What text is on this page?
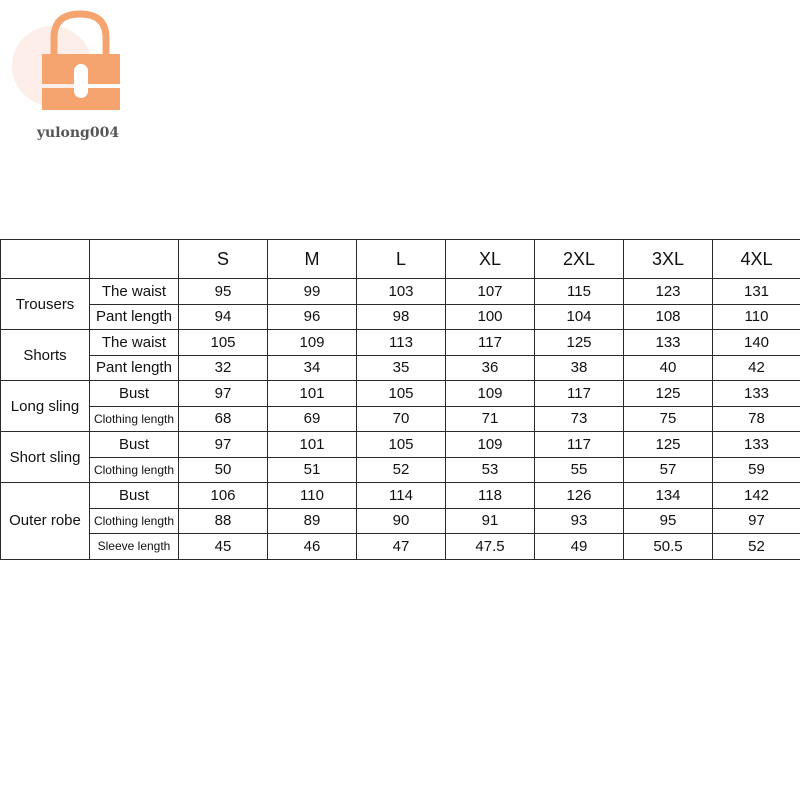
yulong004
		S	M	L	XL	2XL	3XL	4XL
Trousers	The waist	95	99	103	107	115	123	131
	Pant length	94	96	98	100	104	108	110
Shorts	The waist	105	109	113	117	125	133	140
	Pant length	32	34	35	36	38	40	42
Long sling	Bust	97	101	105	109	117	125	133
	Clothing length	68	69	70	71	73	75	78
Short sling	Bust	97	101	105	109	117	125	133
	Clothing length	50	51	52	53	55	57	59
Outer robe	Bust	106	110	114	118	126	134	142
	Clothing length	88	89	90	91	93	95	97
	Sleeve length	45	46	47	47.5	49	50.5	52
